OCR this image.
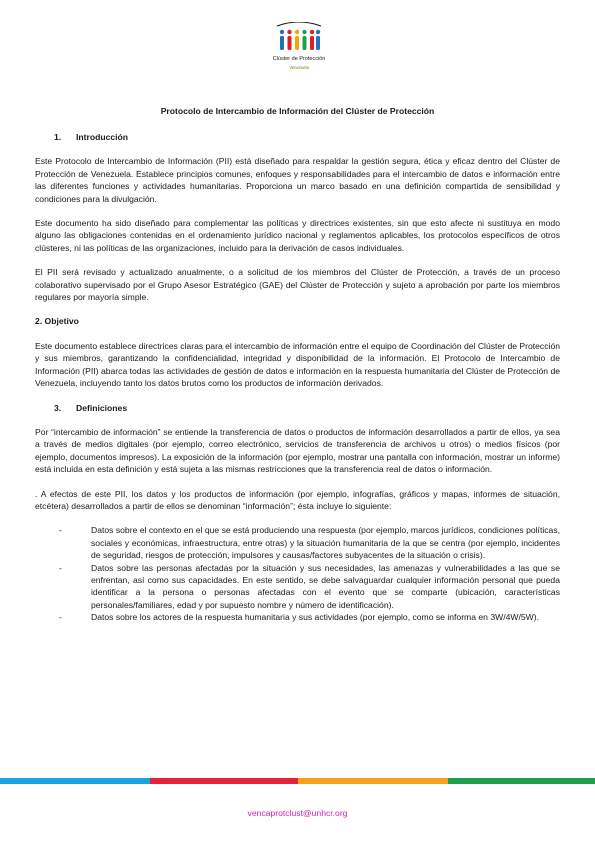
Clúster de Protección
Venezuela
Protocolo de Intercambio de Información del Clúster de Protección

1. Introducción

Este Protocolo de Intercambio de Información (PII) está diseñado para respaldar la gestión segura, ética y eficaz dentro del Clúster de Protección de Venezuela. Establece principios comunes, enfoques y responsabilidades para el intercambio de datos e información entre las diferentes funciones y actividades humanitarias. Proporciona un marco basado en una definición compartida de sensibilidad y condiciones para la divulgación.

Este documento ha sido diseñado para complementar las políticas y directrices existentes, sin que esto afecte ni sustituya en modo alguno las obligaciones contenidas en el ordenamiento jurídico nacional y reglamentos aplicables, los protocolos específicos de otros clústeres, ni las políticas de las organizaciones, incluido para la derivación de casos individuales.

El PII será revisado y actualizado anualmente, o a solicitud de los miembros del Clúster de Protección, a través de un proceso colaborativo supervisado por el Grupo Asesor Estratégico (GAE) del Clúster de Protección y sujeto a aprobación por parte los miembros regulares por mayoría simple.

2. Objetivo

Este documento establece directrices claras para el intercambio de información entre el equipo de Coordinación del Clúster de Protección y sus miembros, garantizando la confidencialidad, integridad y disponibilidad de la información. El Protocolo de Intercambio de Información (PII) abarca todas las actividades de gestión de datos e información en la respuesta humanitaria del Clúster de Protección de Venezuela, incluyendo tanto los datos brutos como los productos de información derivados.

3. Definiciones

Por “intercambio de información” se entiende la transferencia de datos o productos de información desarrollados a partir de ellos, ya sea a través de medios digitales (por ejemplo, correo electrónico, servicios de transferencia de archivos u otros) o medios físicos (por ejemplo, documentos impresos). La exposición de la información (por ejemplo, mostrar una pantalla con información, mostrar un informe) está incluida en esta definición y está sujeta a las mismas restricciones que la transferencia real de datos o información.

. A efectos de este PII, los datos y los productos de información (por ejemplo, infografías, gráficos y mapas, informes de situación, etcétera) desarrollados a partir de ellos se denominan “información”; ésta incluye lo siguiente:

-	Datos sobre el contexto en el que se está produciendo una respuesta (por ejemplo, marcos jurídicos, condiciones políticas, sociales y económicas, infraestructura, entre otras) y la situación humanitaria de la que se centra (por ejemplo, incidentes de seguridad, riesgos de protección, impulsores y causas/factores subyacentes de la situación o crisis).
-	Datos sobre las personas afectadas por la situación y sus necesidades, las amenazas y vulnerabilidades a las que se enfrentan, así como sus capacidades. En este sentido, se debe salvaguardar cualquier información personal que pueda identificar a la persona o personas afectadas con el evento que se comparte (ubicación, características personales/familiares, edad y por supuesto nombre y número de identificación).
-	Datos sobre los actores de la respuesta humanitaria y sus actividades (por ejemplo, como se informa en 3W/4W/5W).
vencaprotclust@unhcr.org
